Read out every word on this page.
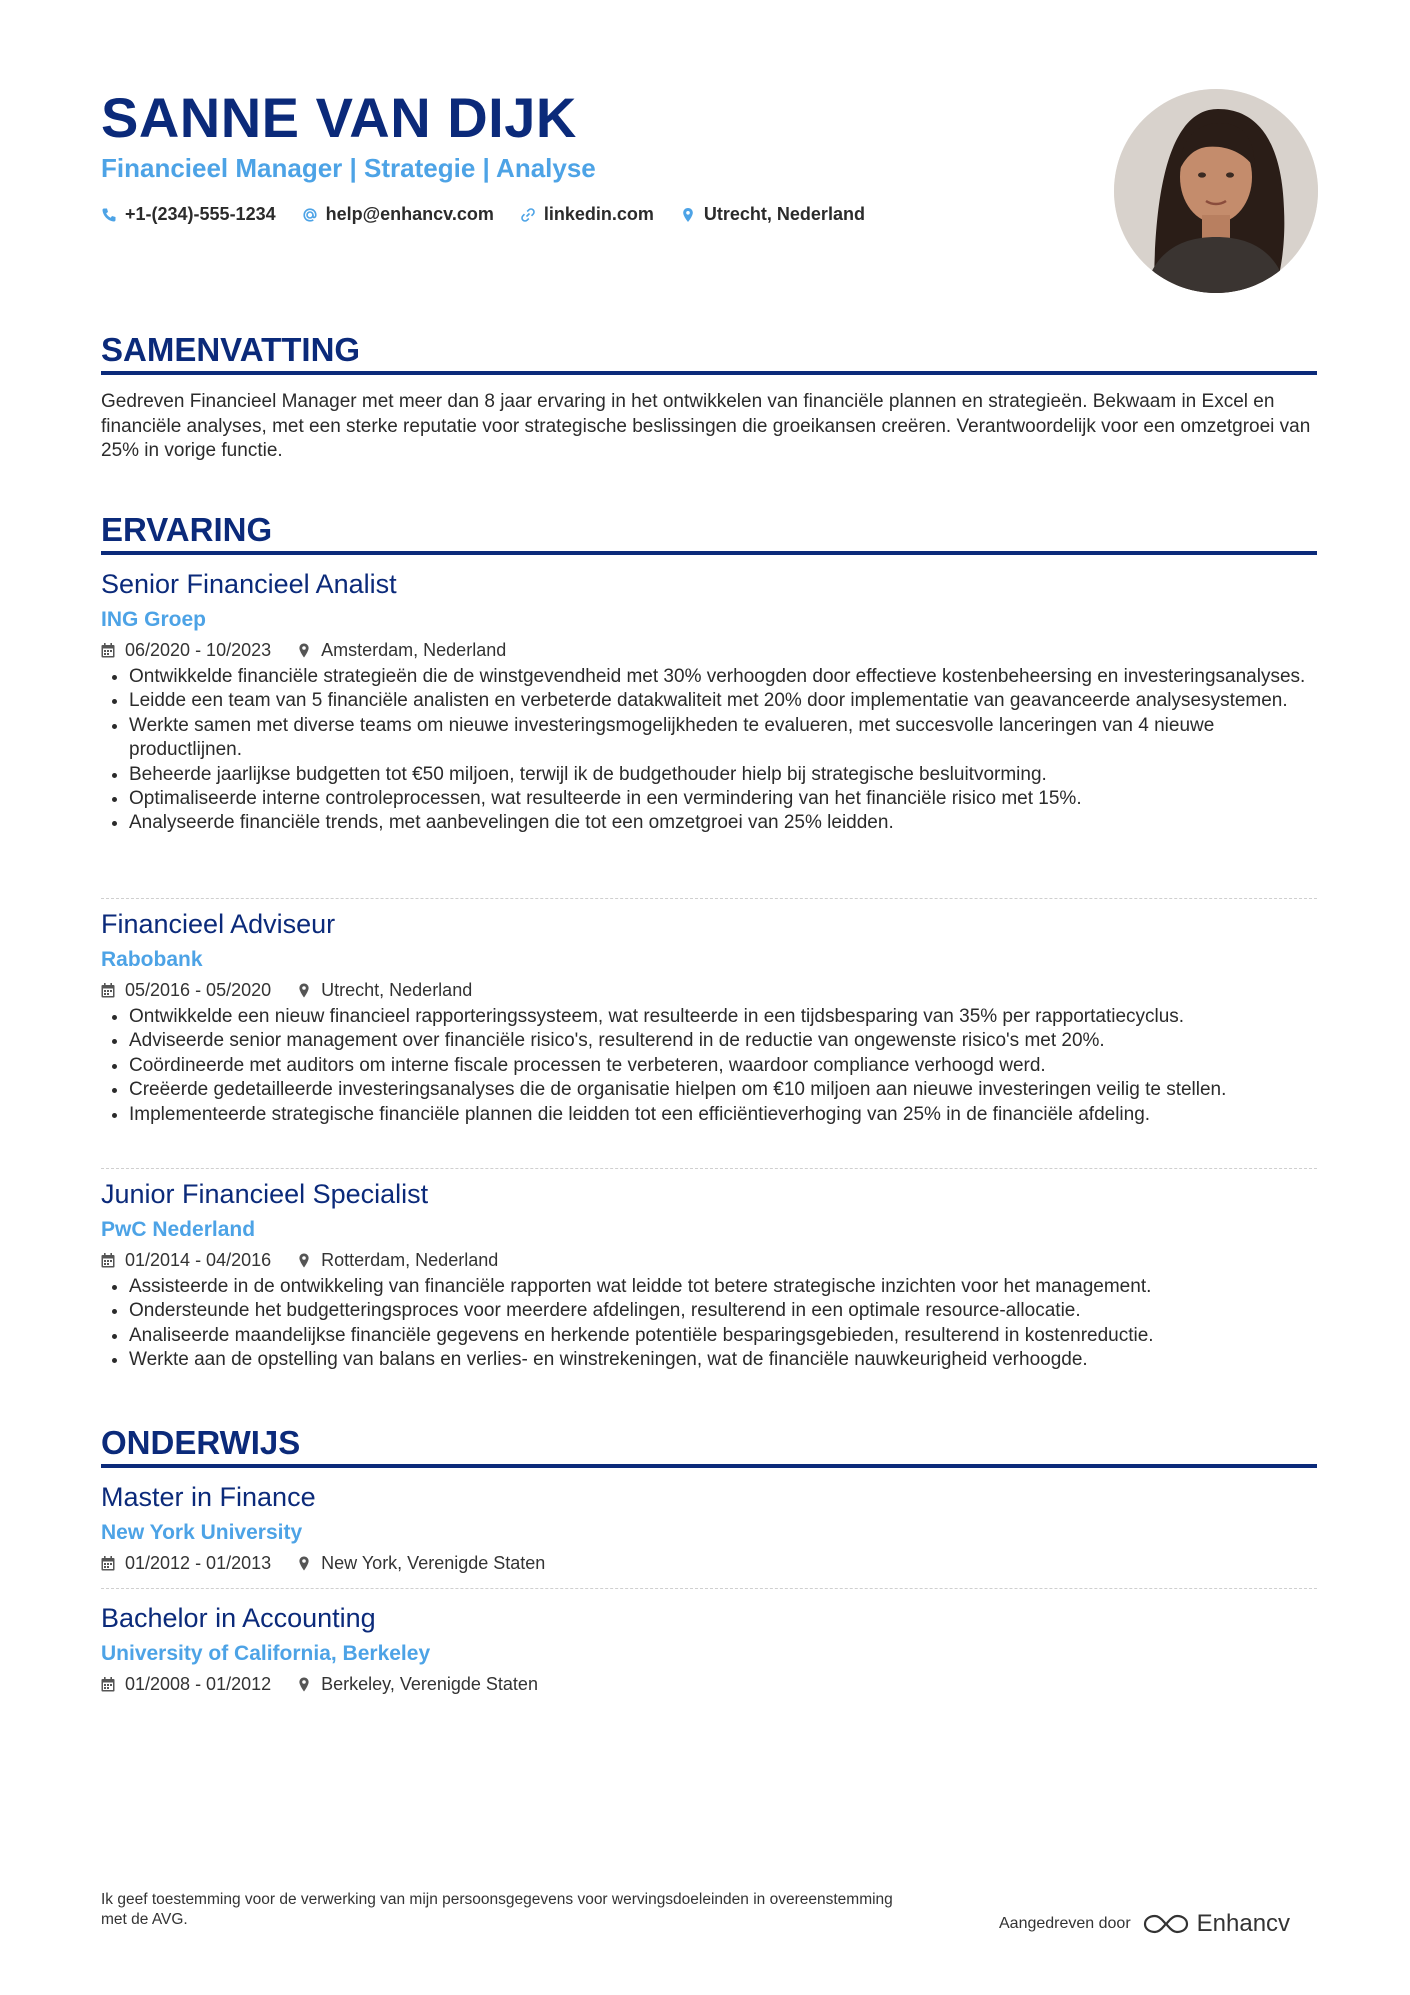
SANNE VAN DIJK
Financieel Manager | Strategie | Analyse
+1-(234)-555-1234	help@enhancv.com	linkedin.com	Utrecht, Nederland
SAMENVATTING
Gedreven Financieel Manager met meer dan 8 jaar ervaring in het ontwikkelen van financiële plannen en strategieën. Bekwaam in Excel en financiële analyses, met een sterke reputatie voor strategische beslissingen die groeikansen creëren. Verantwoordelijk voor een omzetgroei van 25% in vorige functie.
ERVARING
Senior Financieel Analist
ING Groep
06/2020 - 10/2023	Amsterdam, Nederland
• Ontwikkelde financiële strategieën die de winstgevendheid met 30% verhoogden door effectieve kostenbeheersing en investeringsanalyses.
• Leidde een team van 5 financiële analisten en verbeterde datakwaliteit met 20% door implementatie van geavanceerde analysesystemen.
• Werkte samen met diverse teams om nieuwe investeringsmogelijkheden te evalueren, met succesvolle lanceringen van 4 nieuwe productlijnen.
• Beheerde jaarlijkse budgetten tot €50 miljoen, terwijl ik de budgethouder hielp bij strategische besluitvorming.
• Optimaliseerde interne controleprocessen, wat resulteerde in een vermindering van het financiële risico met 15%.
• Analyseerde financiële trends, met aanbevelingen die tot een omzetgroei van 25% leidden.
Financieel Adviseur
Rabobank
05/2016 - 05/2020	Utrecht, Nederland
• Ontwikkelde een nieuw financieel rapporteringssysteem, wat resulteerde in een tijdsbesparing van 35% per rapportatiecyclus.
• Adviseerde senior management over financiële risico's, resulterend in de reductie van ongewenste risico's met 20%.
• Coördineerde met auditors om interne fiscale processen te verbeteren, waardoor compliance verhoogd werd.
• Creëerde gedetailleerde investeringsanalyses die de organisatie hielpen om €10 miljoen aan nieuwe investeringen veilig te stellen.
• Implementeerde strategische financiële plannen die leidden tot een efficiëntieverhoging van 25% in de financiële afdeling.
Junior Financieel Specialist
PwC Nederland
01/2014 - 04/2016	Rotterdam, Nederland
• Assisteerde in de ontwikkeling van financiële rapporten wat leidde tot betere strategische inzichten voor het management.
• Ondersteunde het budgetteringsproces voor meerdere afdelingen, resulterend in een optimale resource-allocatie.
• Analiseerde maandelijkse financiële gegevens en herkende potentiële besparingsgebieden, resulterend in kostenreductie.
• Werkte aan de opstelling van balans en verlies- en winstrekeningen, wat de financiële nauwkeurigheid verhoogde.
ONDERWIJS
Master in Finance
New York University
01/2012 - 01/2013	New York, Verenigde Staten
Bachelor in Accounting
University of California, Berkeley
01/2008 - 01/2012	Berkeley, Verenigde Staten
Ik geef toestemming voor de verwerking van mijn persoonsgegevens voor wervingsdoeleinden in overeenstemming met de AVG.	Aangedreven door	Enhancv
